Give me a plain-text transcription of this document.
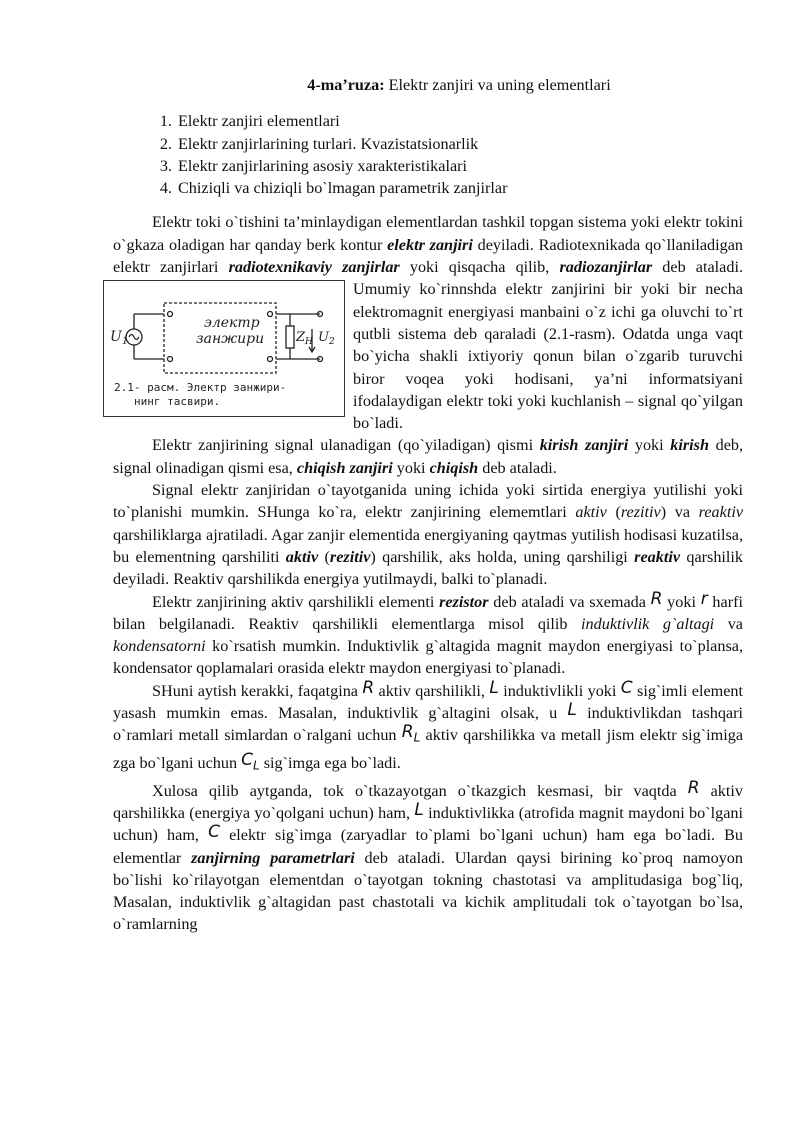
4-ma’ruza: Elektr zanjiri va uning elementlari
1. Elektr zanjiri elementlari
2. Elektr zanjirlarining turlari. Kvazistatsionarlik
3. Elektr zanjirlarining asosiy xarakteristikalari
4. Chiziqli va chiziqli bo`lmagan parametrik zanjirlar

Elektr toki o`tishini ta’minlaydigan elementlardan tashkil topgan sistema yoki elektr tokini o`gkaza oladigan har qanday berk kontur elektr zanjiri deyiladi. Radiotexnikada qo`llaniladigan elektr zanjirlari radiotexnikaviy zanjirlar yoki qisqacha qilib, radiozanjirlar deb ataladi. Umumiy ko`rinnshda elektr zanjirini bir
электр
занжири
$U_1$	$Z_H$ $U_2$
2.1- расм. Электр занжири-
нинг тасвири.
yoki bir necha elektromagnit energiyasi manbaini o`z ichi ga oluvchi to`rt qutbli sistema deb qaraladi (2.1-rasm). Odatda unga vaqt bo`yicha shakli ixtiyoriy qonun bilan o`zgarib turuvchi biror voqea yoki hodisani, ya’ni informatsiyani ifodalaydigan elektr toki yoki kuchlanish – signal qo`yilgan bo`ladi.

Elektr zanjirining signal ulanadigan (qo`yiladigan) qismi kirish zanjiri yoki kirish deb, signal olinadigan qismi esa, chiqish zanjiri yoki chiqish deb ataladi.

Signal elektr zanjiridan o`tayotganida uning ichida yoki sirtida energiya yutilishi yoki to`planishi mumkin. SHunga ko`ra, elektr zanjirining elememtlari aktiv (rezitiv) va reaktiv qarshiliklarga ajratiladi. Agar zanjir elementida energiyaning qaytmas yutilish hodisasi kuzatilsa, bu elementning qarshiliti aktiv (rezitiv) qarshilik, aks holda, uning qarshiligi reaktiv qarshilik deyiladi. Reaktiv qarshilikda energiya yutilmaydi, balki to`planadi.

Elektr zanjirining aktiv qarshilikli elementi rezistor deb ataladi va sxemada R yoki r harfi bilan belgilanadi. Reaktiv qarshilikli elementlarga misol qilib induktivlik g`altagi va kondensatorni ko`rsatish mumkin. Induktivlik g`altagida magnit maydon energiyasi to`plansa, kondensator qoplamalari orasida elektr maydon energiyasi to`planadi.

SHuni aytish kerakki, faqatgina R aktiv qarshilikli, L induktivlikli yoki C sig`imli element yasash mumkin emas. Masalan, induktivlik g`altagini olsak, u L induktivlikdan tashqari o`ramlari metall simlardan o`ralgani uchun $R_L$ aktiv qarshilikka va metall jism elektr sig`imiga zga bo`lgani uchun $C_L$ sig`imga ega bo`ladi.

Xulosa qilib aytganda, tok o`tkazayotgan o`tkazgich kesmasi, bir vaqtda R aktiv qarshilikka (energiya yo`qolgani uchun) ham, L induktivlikka (atrofida magnit maydoni bo`lgani uchun) ham, C elektr sig`imga (zaryadlar to`plami bo`lgani uchun) ham ega bo`ladi. Bu elementlar zanjirning parametrlari deb ataladi. Ulardan qaysi birining ko`proq namoyon bo`lishi ko`rilayotgan elementdan o`tayotgan tokning chastotasi va amplitudasiga bog`liq, Masalan, induktivlik g`altagidan past chastotali va kichik amplitudali tok o`tayotgan bo`lsa, o`ramlarning
